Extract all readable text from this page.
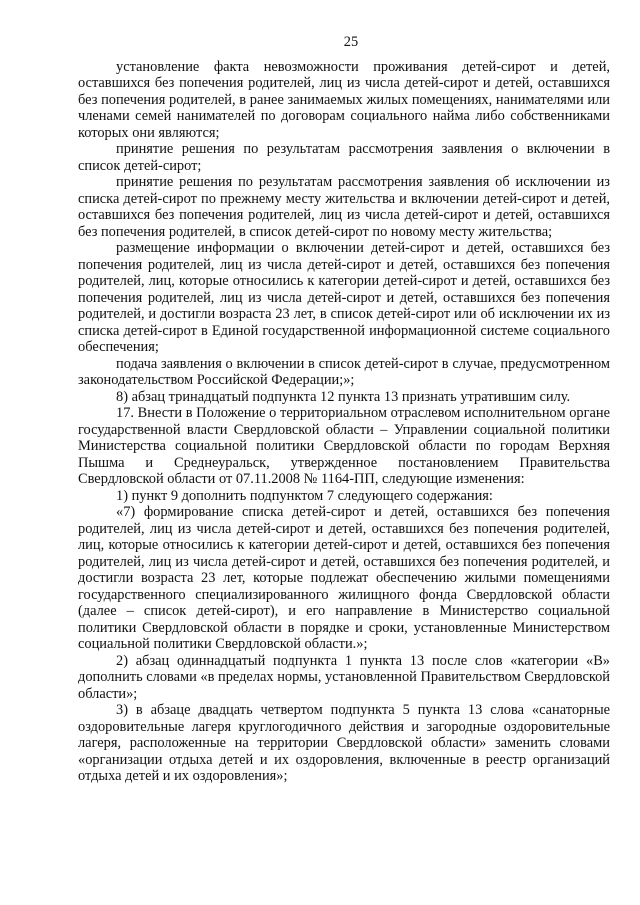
25

установление факта невозможности проживания детей-сирот и детей, оставшихся без попечения родителей, лиц из числа детей-сирот и детей, оставшихся без попечения родителей, в ранее занимаемых жилых помещениях, нанимателями или членами семей нанимателей по договорам социального найма либо собственниками которых они являются;

принятие решения по результатам рассмотрения заявления о включении в список детей-сирот;

принятие решения по результатам рассмотрения заявления об исключении из списка детей-сирот по прежнему месту жительства и включении детей-сирот и детей, оставшихся без попечения родителей, лиц из числа детей-сирот и детей, оставшихся без попечения родителей, в список детей-сирот по новому месту жительства;

размещение информации о включении детей-сирот и детей, оставшихся без попечения родителей, лиц из числа детей-сирот и детей, оставшихся без попечения родителей, лиц, которые относились к категории детей-сирот и детей, оставшихся без попечения родителей, лиц из числа детей-сирот и детей, оставшихся без попечения родителей, и достигли возраста 23 лет, в список детей-сирот или об исключении их из списка детей-сирот в Единой государственной информационной системе социального обеспечения;

подача заявления о включении в список детей-сирот в случае, предусмотренном законодательством Российской Федерации;»;

8) абзац тринадцатый подпункта 12 пункта 13 признать утратившим силу.

17. Внести в Положение о территориальном отраслевом исполнительном органе государственной власти Свердловской области – Управлении социальной политики Министерства социальной политики Свердловской области по городам Верхняя Пышма и Среднеуральск, утвержденное постановлением Правительства Свердловской области от 07.11.2008 № 1164-ПП, следующие изменения:

1) пункт 9 дополнить подпунктом 7 следующего содержания:

«7) формирование списка детей-сирот и детей, оставшихся без попечения родителей, лиц из числа детей-сирот и детей, оставшихся без попечения родителей, лиц, которые относились к категории детей-сирот и детей, оставшихся без попечения родителей, лиц из числа детей-сирот и детей, оставшихся без попечения родителей, и достигли возраста 23 лет, которые подлежат обеспечению жилыми помещениями государственного специализированного жилищного фонда Свердловской области (далее – список детей-сирот), и его направление в Министерство социальной политики Свердловской области в порядке и сроки, установленные Министерством социальной политики Свердловской области.»;

2) абзац одиннадцатый подпункта 1 пункта 13 после слов «категории «В» дополнить словами «в пределах нормы, установленной Правительством Свердловской области»;

3) в абзаце двадцать четвертом подпункта 5 пункта 13 слова «санаторные оздоровительные лагеря круглогодичного действия и загородные оздоровительные лагеря, расположенные на территории Свердловской области» заменить словами «организации отдыха детей и их оздоровления, включенные в реестр организаций отдыха детей и их оздоровления»;
